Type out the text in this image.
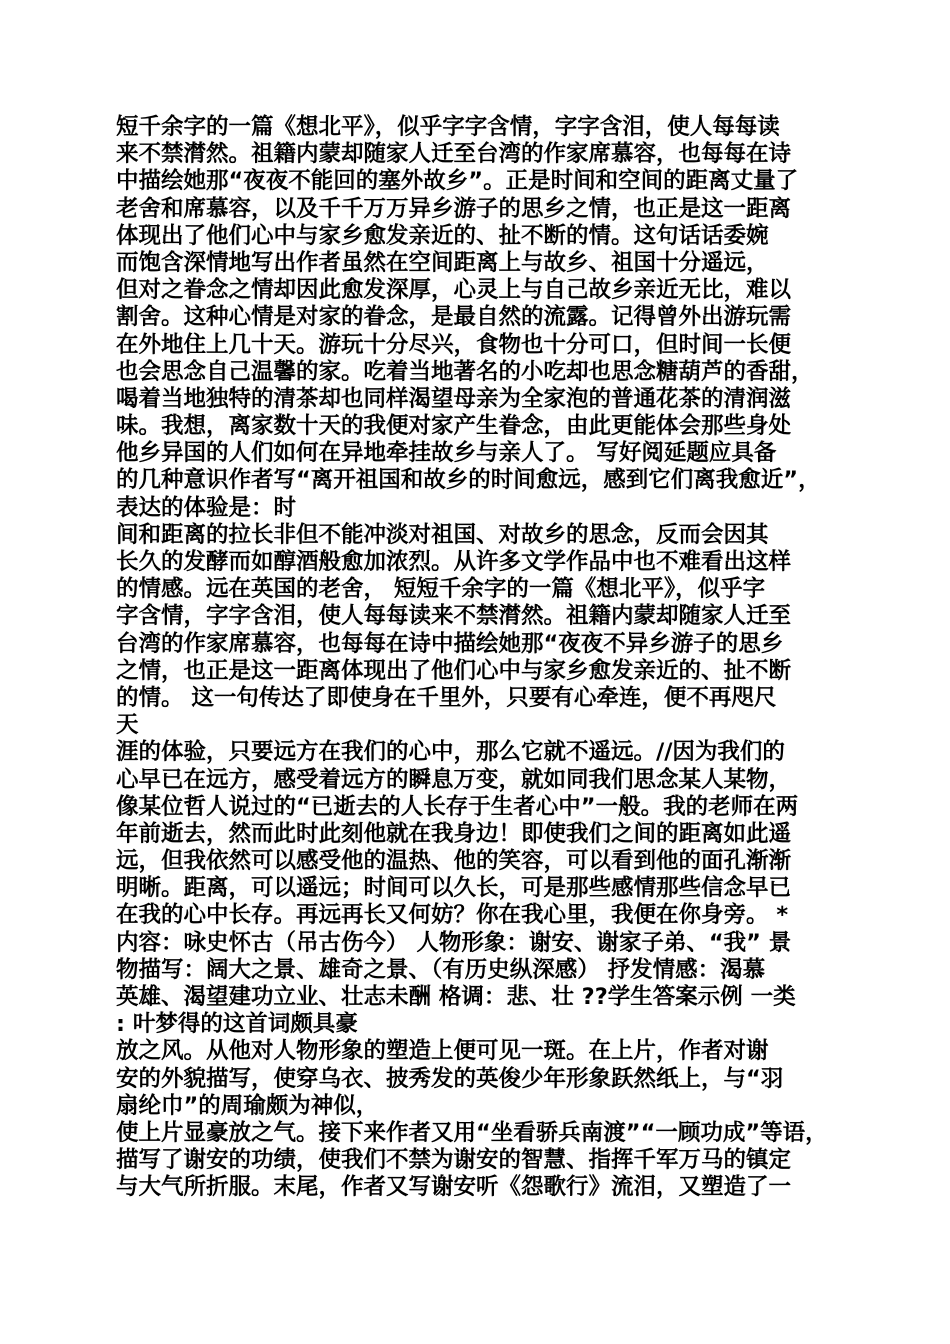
短千余字的一篇《想北平》，似乎字字含情，字字含泪，使人每每读
来不禁潸然。祖籍内蒙却随家人迁至台湾的作家席慕容，也每每在诗
中描绘她那“夜夜不能回的塞外故乡”。正是时间和空间的距离丈量了
老舍和席慕容，以及千千万万异乡游子的思乡之情，也正是这一距离
体现出了他们心中与家乡愈发亲近的、扯不断的情。这句话话委婉
而饱含深情地写出作者虽然在空间距离上与故乡、祖国十分遥远，
但对之眷念之情却因此愈发深厚，心灵上与自己故乡亲近无比，难以
割舍。这种心情是对家的眷念，是最自然的流露。记得曾外出游玩需
在外地住上几十天。游玩十分尽兴，食物也十分可口，但时间一长便
也会思念自己温馨的家。吃着当地著名的小吃却也思念糖葫芦的香甜，
喝着当地独特的清茶却也同样渴望母亲为全家泡的普通花茶的清润滋
味。我想，离家数十天的我便对家产生眷念，由此更能体会那些身处
他乡异国的人们如何在异地牵挂故乡与亲人了。 写好阅延题应具备
的几种意识作者写“离开祖国和故乡的时间愈远，感到它们离我愈近”，
表达的体验是：时
间和距离的拉长非但不能冲淡对祖国、对故乡的思念，反而会因其
长久的发酵而如醇酒般愈加浓烈。从许多文学作品中也不难看出这样
的情感。远在英国的老舍， 短短千余字的一篇《想北平》，似乎字
字含情，字字含泪，使人每每读来不禁潸然。祖籍内蒙却随家人迁至
台湾的作家席慕容，也每每在诗中描绘她那“夜夜不异乡游子的思乡
之情，也正是这一距离体现出了他们心中与家乡愈发亲近的、扯不断
的情。 这一句传达了即使身在千里外，只要有心牵连，便不再咫尺
天
涯的体验，只要远方在我们的心中，那么它就不遥远。//因为我们的
心早已在远方，感受着远方的瞬息万变，就如同我们思念某人某物，
像某位哲人说过的“已逝去的人长存于生者心中”一般。我的老师在两
年前逝去，然而此时此刻他就在我身边！即使我们之间的距离如此遥
远，但我依然可以感受他的温热、他的笑容，可以看到他的面孔渐渐
明晰。距离，可以遥远；时间可以久长，可是那些感情那些信念早已
在我的心中长存。再远再长又何妨？你在我心里，我便在你身旁。 *
内容：咏史怀古（吊古伤今） 人物形象：谢安、谢家子弟、“我” 景
物描写：阔大之景、雄奇之景、（有历史纵深感） 抒发情感：渴慕
英雄、渴望建功立业、壮志未酬 格调：悲、壮 ??学生答案示例 一类
: 叶梦得的这首词颇具豪
放之风。从他对人物形象的塑造上便可见一斑。在上片，作者对谢
安的外貌描写，使穿乌衣、披秀发的英俊少年形象跃然纸上，与“羽
扇纶巾”的周瑜颇为神似，
使上片显豪放之气。接下来作者又用“坐看骄兵南渡”“一顾功成”等语，
描写了谢安的功绩，使我们不禁为谢安的智慧、指挥千军万马的镇定
与大气所折服。末尾，作者又写谢安听《怨歌行》流泪，又塑造了一
